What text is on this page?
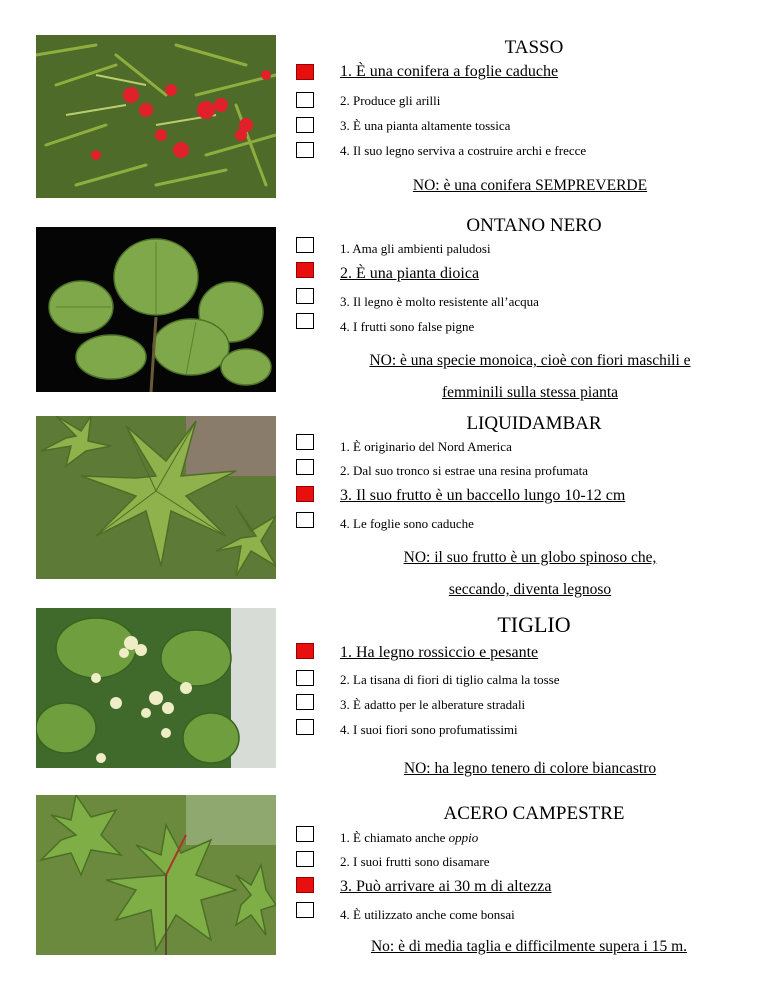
TASSO
1. È una conifera a foglie caduche
2. Produce gli arilli
3. È una pianta altamente tossica
4. Il suo legno serviva a costruire archi e frecce
NO: è una conifera SEMPREVERDE
ONTANO NERO
1. Ama gli ambienti paludosi
2. È una pianta dioica
3. Il legno è molto resistente all’acqua
4. I frutti sono false pigne
NO: è una specie monoica, cioè con fiori maschili e
femminili sulla stessa pianta
LIQUIDAMBAR
1. È originario del Nord America
2. Dal suo tronco si estrae una resina profumata
3. Il suo frutto è un baccello lungo 10-12 cm
4. Le foglie sono caduche
NO: il suo frutto è un globo spinoso che,
seccando, diventa legnoso
TIGLIO
1. Ha legno rossiccio e pesante
2. La tisana di fiori di tiglio calma la tosse
3. È adatto per le alberature stradali
4. I suoi fiori sono profumatissimi
NO: ha legno tenero di colore biancastro
ACERO CAMPESTRE
1. È chiamato anche oppio
2. I suoi frutti sono disamare
3. Può arrivare ai 30 m di altezza
4. È utilizzato anche come bonsai
No: è di media taglia e difficilmente supera i 15 m.
